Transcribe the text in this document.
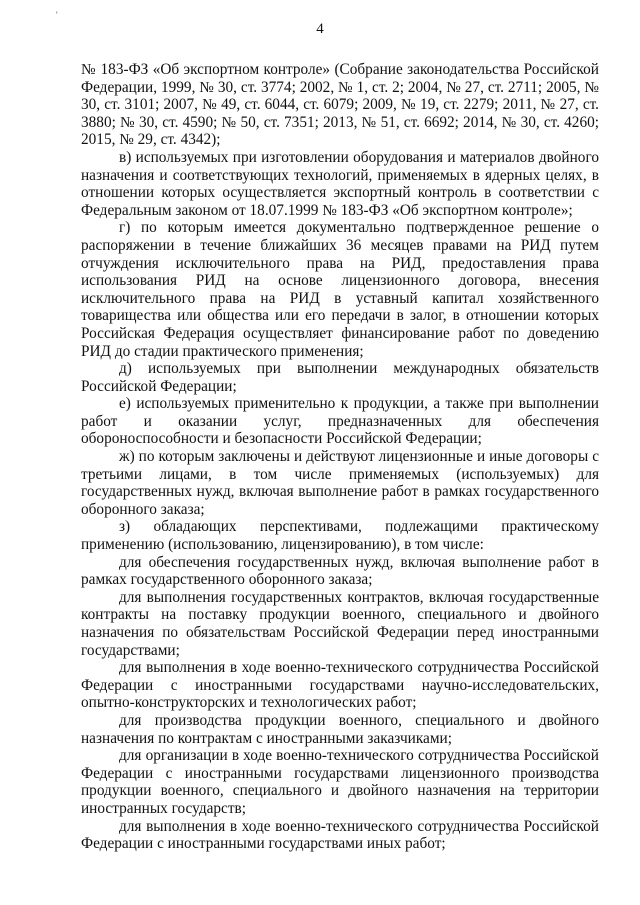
'
4

№ 183-ФЗ «Об экспортном контроле» (Собрание законодательства Российской Федерации, 1999, № 30, ст. 3774; 2002, № 1, ст. 2; 2004, № 27, ст. 2711; 2005, № 30, ст. 3101; 2007, № 49, ст. 6044, ст. 6079; 2009, № 19, ст. 2279; 2011, № 27, ст. 3880; № 30, ст. 4590; № 50, ст. 7351; 2013, № 51, ст. 6692; 2014, № 30, ст. 4260; 2015, № 29, ст. 4342);

в) используемых при изготовлении оборудования и материалов двойного назначения и соответствующих технологий, применяемых в ядерных целях, в отношении которых осуществляется экспортный контроль в соответствии с Федеральным законом от 18.07.1999 № 183-ФЗ «Об экспортном контроле»;

г) по которым имеется документально подтвержденное решение о распоряжении в течение ближайших 36 месяцев правами на РИД путем отчуждения исключительного права на РИД, предоставления права использования РИД на основе лицензионного договора, внесения исключительного права на РИД в уставный капитал хозяйственного товарищества или общества или его передачи в залог, в отношении которых Российская Федерация осуществляет финансирование работ по доведению РИД до стадии практического применения;

д) используемых при выполнении международных обязательств Российской Федерации;

е) используемых применительно к продукции, а также при выполнении работ и оказании услуг, предназначенных для обеспечения обороноспособности и безопасности Российской Федерации;

ж) по которым заключены и действуют лицензионные и иные договоры с третьими лицами, в том числе применяемых (используемых) для государственных нужд, включая выполнение работ в рамках государственного оборонного заказа;

з) обладающих перспективами, подлежащими практическому применению (использованию, лицензированию), в том числе:

для обеспечения государственных нужд, включая выполнение работ в рамках государственного оборонного заказа;

для выполнения государственных контрактов, включая государственные контракты на поставку продукции военного, специального и двойного назначения по обязательствам Российской Федерации перед иностранными государствами;

для выполнения в ходе военно-технического сотрудничества Российской Федерации с иностранными государствами научно-исследовательских, опытно-конструкторских и технологических работ;

для производства продукции военного, специального и двойного назначения по контрактам с иностранными заказчиками;

для организации в ходе военно-технического сотрудничества Российской Федерации с иностранными государствами лицензионного производства продукции военного, специального и двойного назначения на территории иностранных государств;

для выполнения в ходе военно-технического сотрудничества Российской Федерации с иностранными государствами иных работ;
